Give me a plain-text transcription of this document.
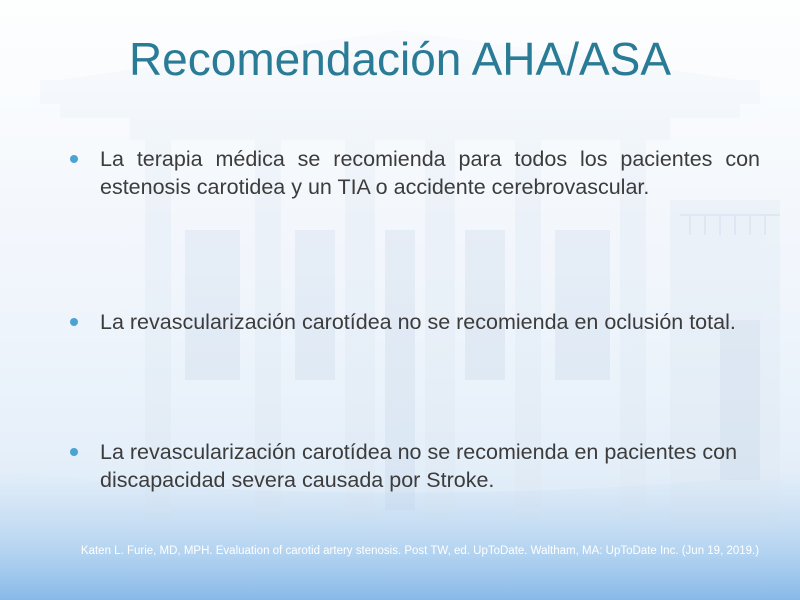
Recomendación AHA/ASA
La terapia médica se recomienda para todos los pacientes con estenosis carotidea y un TIA o accidente cerebrovascular.
La revascularización carotídea no se recomienda en oclusión total.
La revascularización carotídea no se recomienda en pacientes con discapacidad severa causada por Stroke.
Katen L. Furie, MD, MPH. Evaluation of carotid artery stenosis. Post TW, ed. UpToDate. Waltham, MA: UpToDate Inc. (Jun 19, 2019.)
